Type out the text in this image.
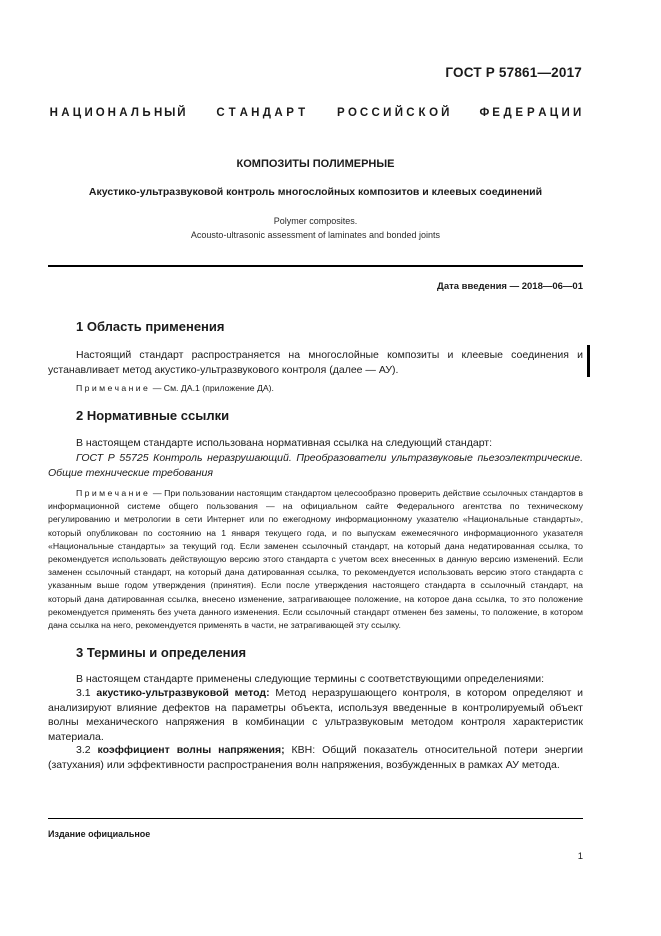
ГОСТ Р 57861—2017
Н А Ц И О Н А Л Ь Н Ы Й	С Т А Н Д А Р Т	Р О С С И Й С К О Й	Ф Е Д Е Р А Ц И И
КОМПОЗИТЫ ПОЛИМЕРНЫЕ
Акустико-ультразвуковой контроль многослойных композитов и клеевых соединений
Polymer composites.
Acousto-ultrasonic assessment of laminates and bonded joints
Дата введения — 2018—06—01
1 Область применения
Настоящий стандарт распространяется на многослойные композиты и клеевые соединения и устанавливает метод акустико-ультразвукового контроля (далее — АУ).
Примечание — См. ДА.1 (приложение ДА).
2 Нормативные ссылки
В настоящем стандарте использована нормативная ссылка на следующий стандарт:
ГОСТ Р 55725 Контроль неразрушающий. Преобразователи ультразвуковые пьезоэлектрические. Общие технические требования
Примечание — При пользовании настоящим стандартом целесообразно проверить действие ссылочных стандартов в информационной системе общего пользования — на официальном сайте Федерального агентства по техническому регулированию и метрологии в сети Интернет или по ежегодному информационному указателю «Национальные стандарты», который опубликован по состоянию на 1 января текущего года, и по выпускам ежемесячного информационного указателя «Национальные стандарты» за текущий год. Если заменен ссылочный стандарт, на который дана недатированная ссылка, то рекомендуется использовать действующую версию этого стандарта с учетом всех внесенных в данную версию изменений. Если заменен ссылочный стандарт, на который дана датированная ссылка, то рекомендуется использовать версию этого стандарта с указанным выше годом утверждения (принятия). Если после утверждения настоящего стандарта в ссылочный стандарт, на который дана датированная ссылка, внесено изменение, затрагивающее положение, на которое дана ссылка, то это положение рекомендуется применять без учета данного изменения. Если ссылочный стандарт отменен без замены, то положение, в котором дана ссылка на него, рекомендуется применять в части, не затрагивающей эту ссылку.
3 Термины и определения
В настоящем стандарте применены следующие термины с соответствующими определениями:
3.1 акустико-ультразвуковой метод: Метод неразрушающего контроля, в котором определяют и анализируют влияние дефектов на параметры объекта, используя введенные в контролируемый объект волны механического напряжения в комбинации с ультразвуковым методом контроля характеристик материала.
3.2 коэффициент волны напряжения; КВН: Общий показатель относительной потери энергии (затухания) или эффективности распространения волн напряжения, возбужденных в рамках АУ метода.
Издание официальное
1
